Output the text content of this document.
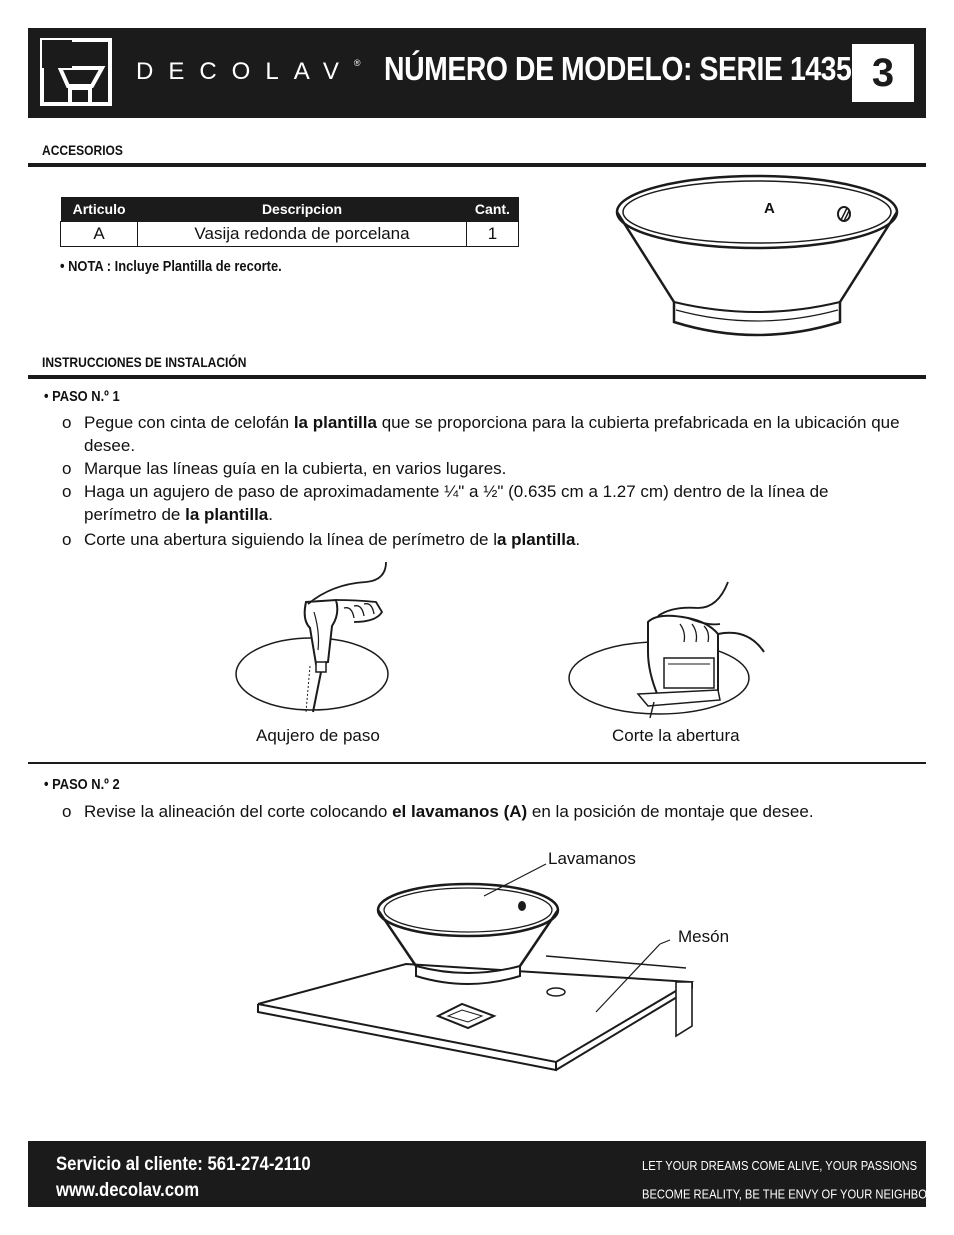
DECOLAV® NÚMERO DE MODELO: SERIE 1435 3
ACCESORIOS
Articulo	Descripcion	Cant.
A	Vasija redonda de porcelana	1
• NOTA : Incluye Plantilla de recorte.
A
INSTRUCCIONES DE INSTALACIÓN
• PASO N.º 1
o Pegue con cinta de celofán la plantilla que se proporciona para la cubierta prefabricada en la ubicación que desee.
o Marque las líneas guía en la cubierta, en varios lugares.
o Haga un agujero de paso de aproximadamente ¼" a ½" (0.635 cm a 1.27 cm) dentro de la línea de perímetro de la plantilla.
o Corte una abertura siguiendo la línea de perímetro de la plantilla.
Aqujero de paso	Corte la abertura
• PASO N.º 2
o Revise la alineación del corte colocando el lavamanos (A) en la posición de montaje que desee.
Lavamanos
Mesón
Servicio al cliente: 561-274-2110
www.decolav.com
LET YOUR DREAMS COME ALIVE, YOUR PASSIONS
BECOME REALITY, BE THE ENVY OF YOUR NEIGHBORS®
